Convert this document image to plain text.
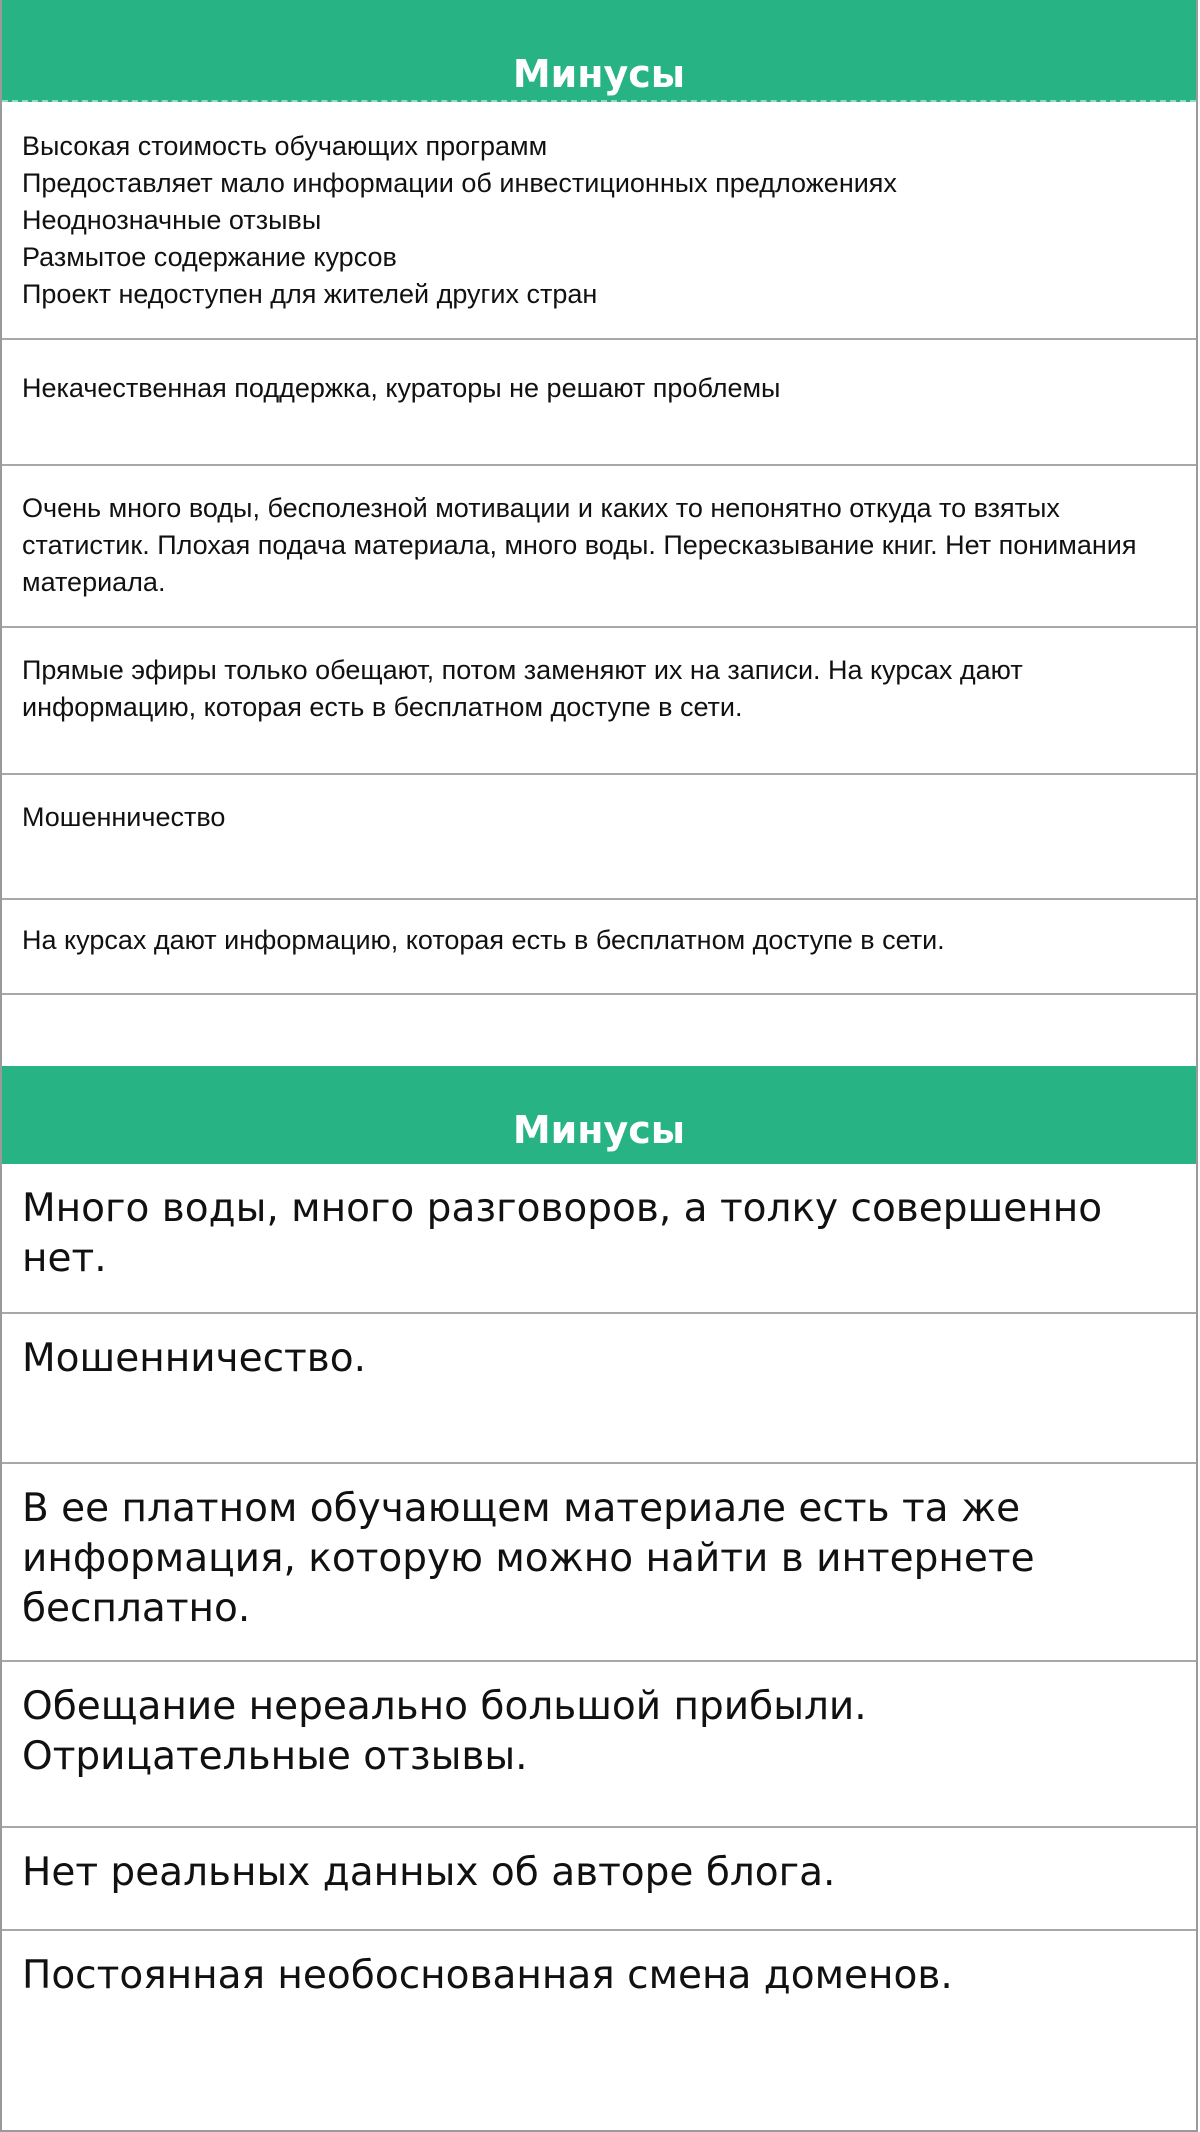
Минусы
Высокая стоимость обучающих программ
Предоставляет мало информации об инвестиционных предложениях
Неоднозначные отзывы
Размытое содержание курсов
Проект недоступен для жителей других стран
Некачественная поддержка, кураторы не решают проблемы
Очень много воды, бесполезной мотивации и каких то непонятно откуда то взятых статистик. Плохая подача материала, много воды. Пересказывание книг. Нет понимания материала.
Прямые эфиры только обещают, потом заменяют их на записи. На курсах дают информацию, которая есть в бесплатном доступе в сети.
Мошенничество
На курсах дают информацию, которая есть в бесплатном доступе в сети.
Минусы
Много воды, много разговоров, а толку совершенно нет.
Мошенничество.
В ее платном обучающем материале есть та же информация, которую можно найти в интернете бесплатно.
Обещание нереально большой прибыли. Отрицательные отзывы.
Нет реальных данных об авторе блога.
Постоянная необоснованная смена доменов.
